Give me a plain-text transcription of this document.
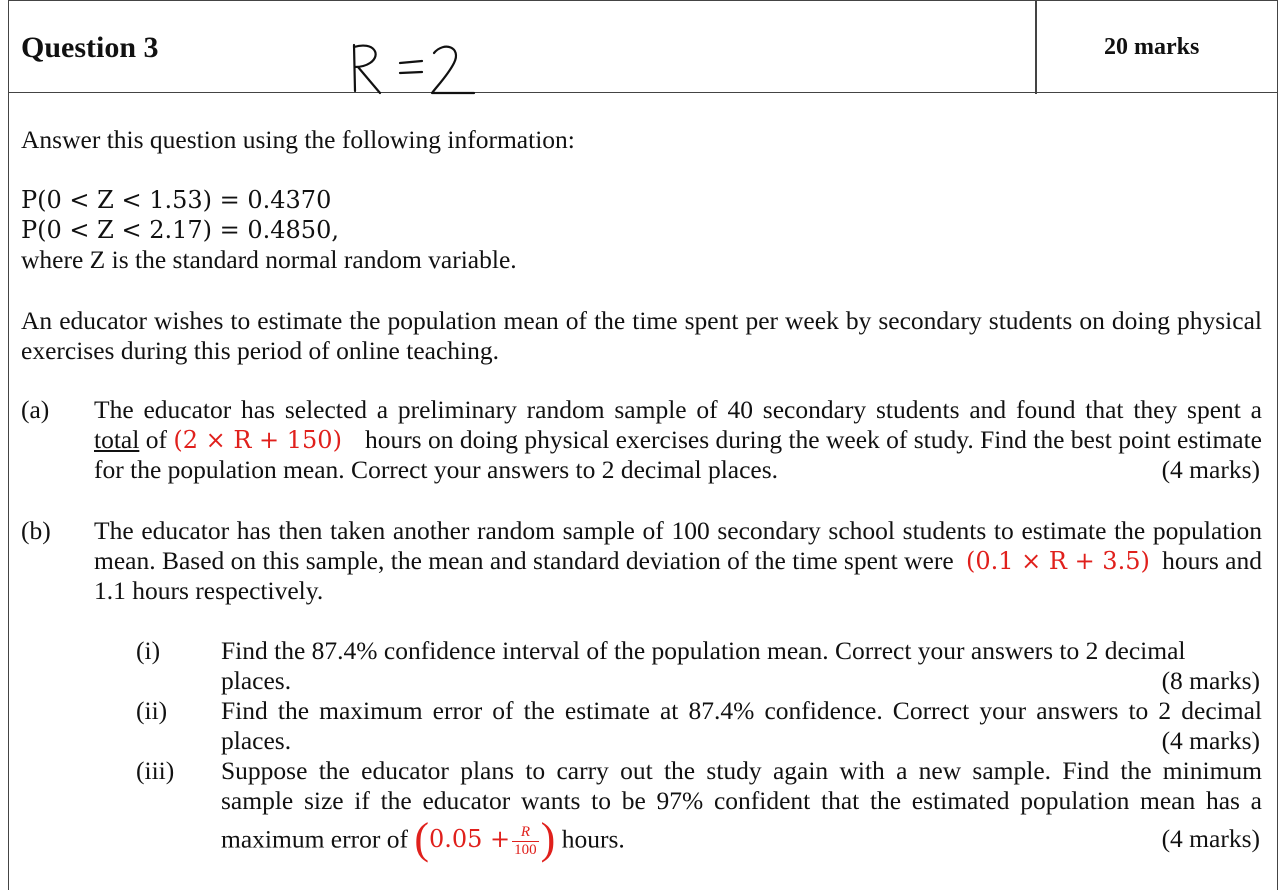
Question 3	20 marks
Answer this question using the following information:
P(0 < Z < 1.53) = 0.4370
P(0 < Z < 2.17) = 0.4850,
where Z is the standard normal random variable.
An educator wishes to estimate the population mean of the time spent per week by secondary students on doing physical
exercises during this period of online teaching.
(a) The educator has selected a preliminary random sample of 40 secondary students and found that they spent a
total of (2 × R + 150) hours on doing physical exercises during the week of study. Find the best point estimate
for the population mean. Correct your answers to 2 decimal places.	(4 marks)
(b) The educator has then taken another random sample of 100 secondary school students to estimate the population
mean. Based on this sample, the mean and standard deviation of the time spent were (0.1 × R + 3.5) hours and
1.1 hours respectively.
(i) Find the 87.4% confidence interval of the population mean. Correct your answers to 2 decimal
places.	(8 marks)
(ii) Find the maximum error of the estimate at 87.4% confidence. Correct your answers to 2 decimal
places.	(4 marks)
(iii) Suppose the educator plans to carry out the study again with a new sample. Find the minimum
sample size if the educator wants to be 97% confident that the estimated population mean has a
maximum error of ($0.05 + \frac{R}{100}$ ) hours.	(4 marks)
